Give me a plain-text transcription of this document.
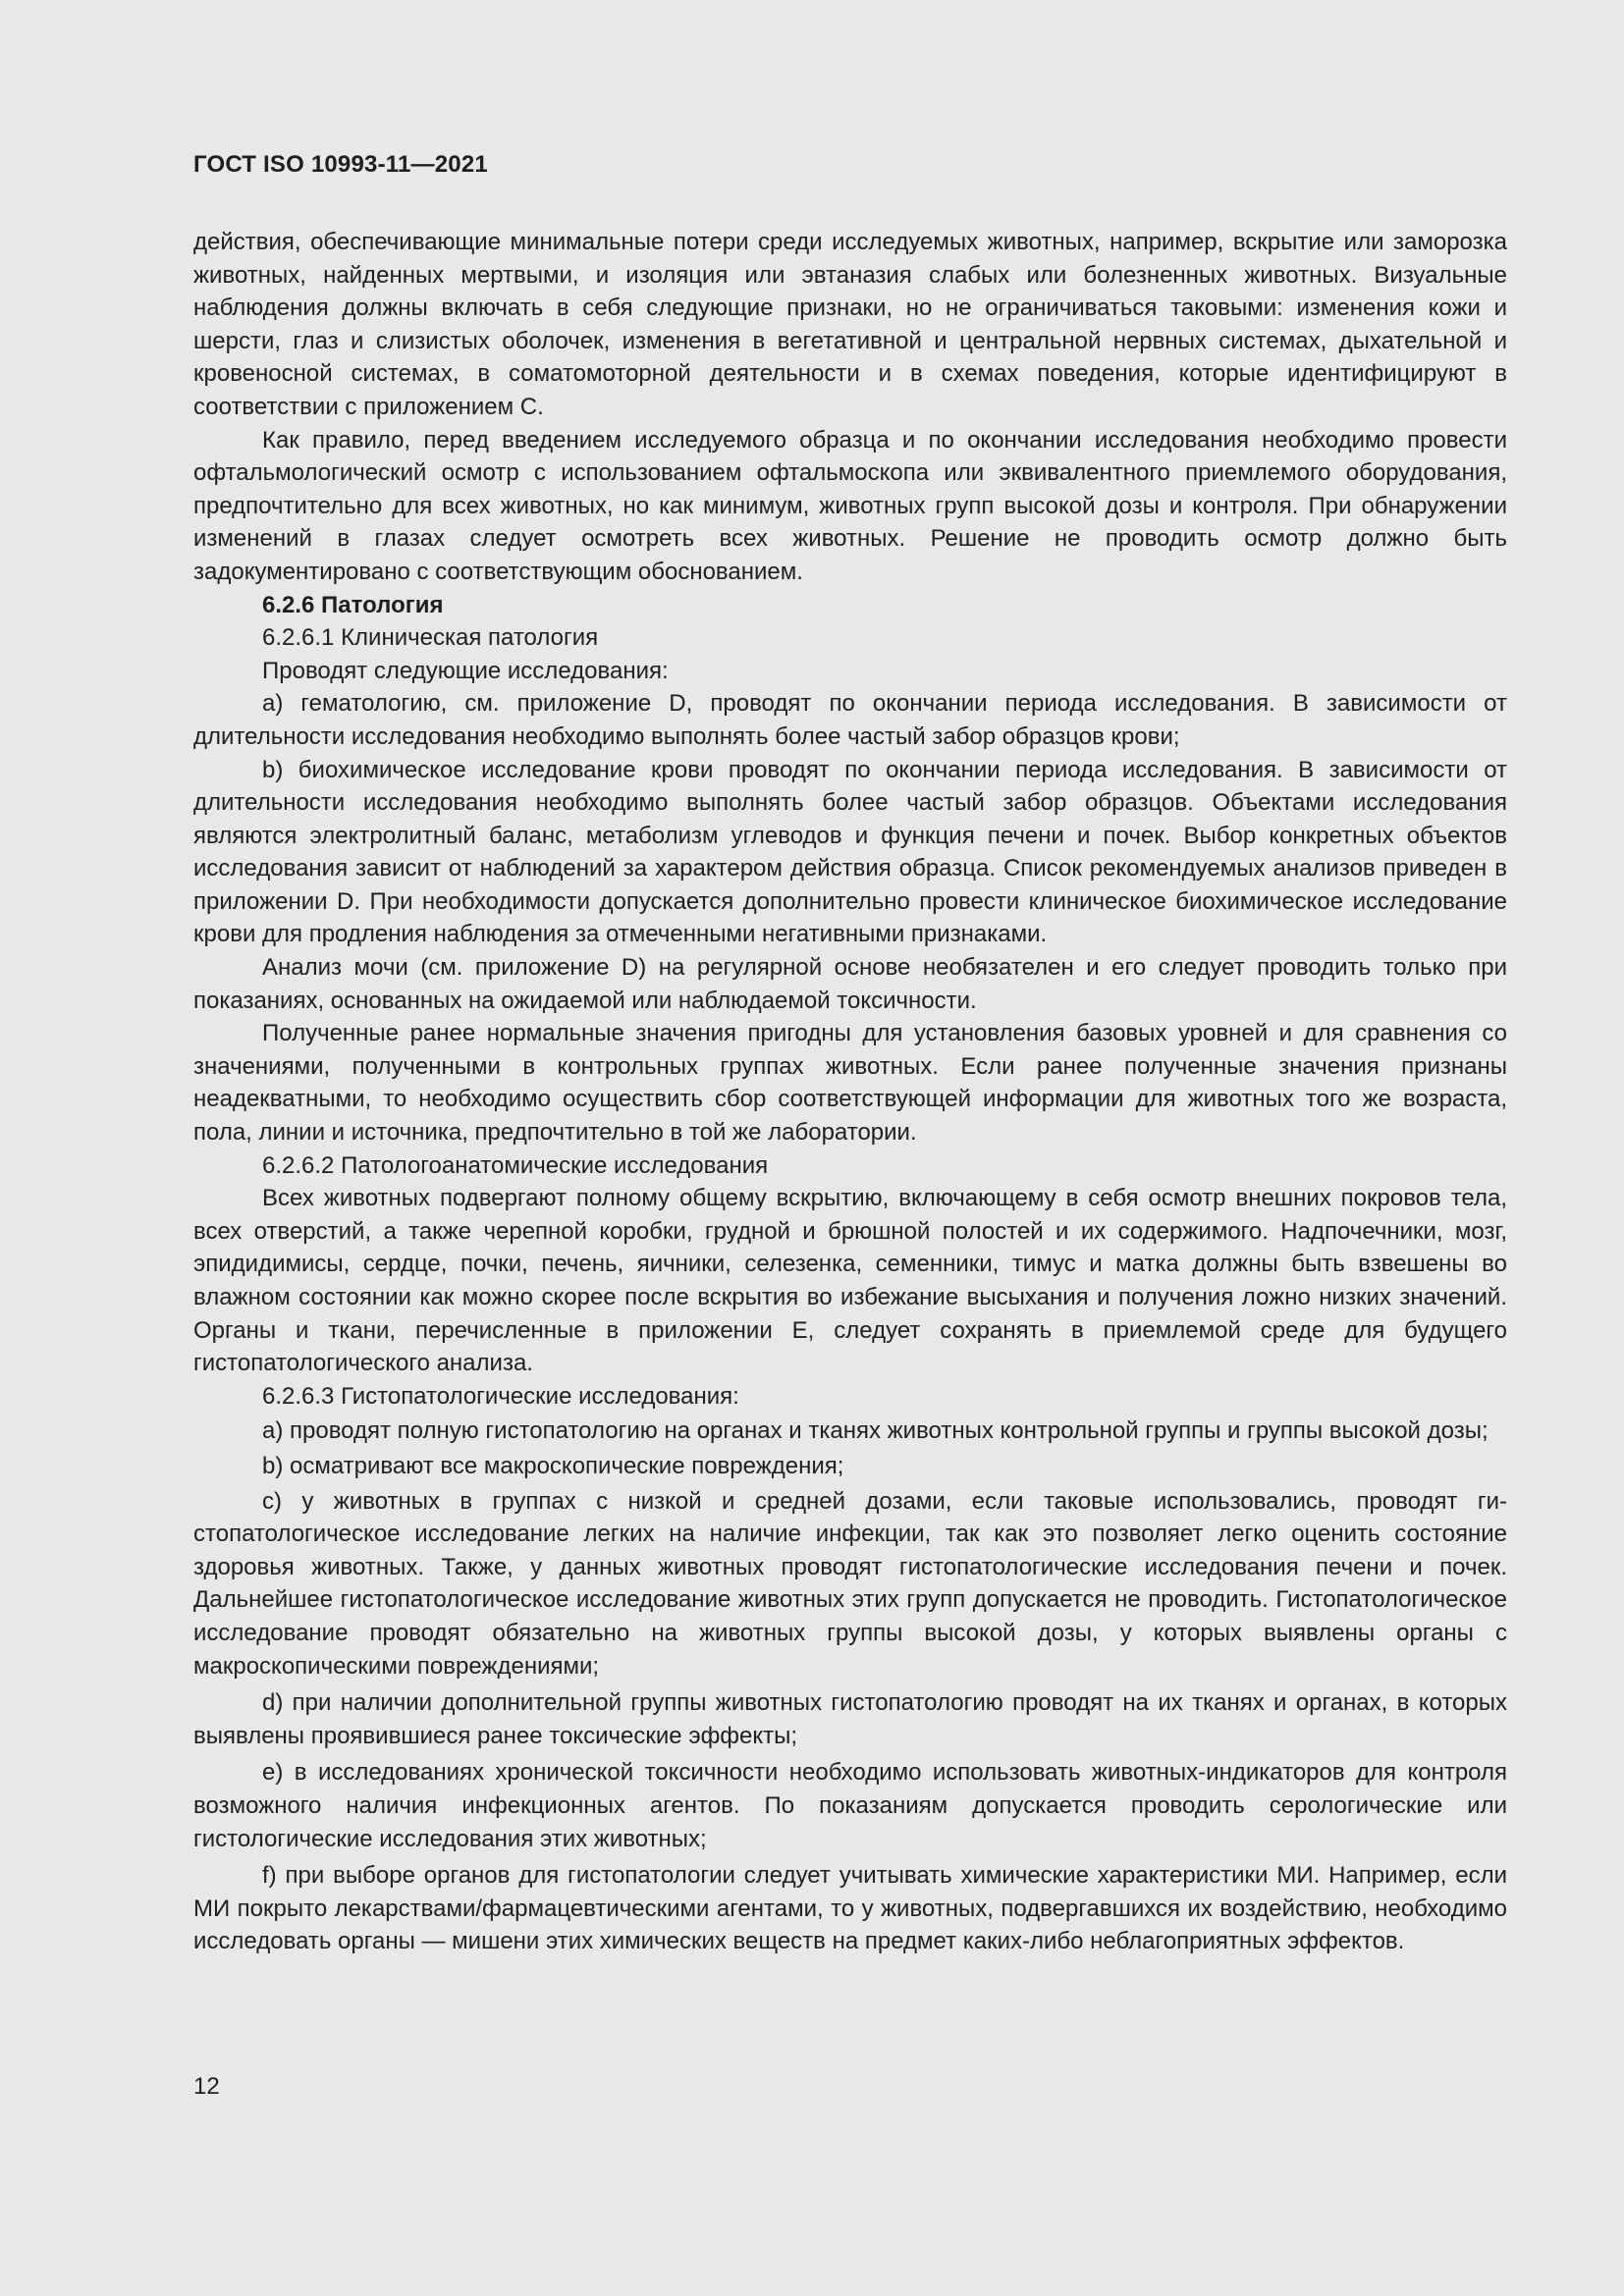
ГОСТ ISO 10993-11—2021

действия, обеспечивающие минимальные потери среди исследуемых животных, например, вскрытие или заморозка животных, найденных мертвыми, и изоляция или эвтаназия слабых или болезненных животных. Визуальные наблюдения должны включать в себя следующие признаки, но не ограничиваться таковыми: изменения кожи и шерсти, глаз и слизистых оболочек, изменения в вегетативной и центральной нервных системах, дыхательной и кровеносной системах, в соматомоторной деятельности и в схемах поведения, которые идентифицируют в соответствии с приложением С.

Как правило, перед введением исследуемого образца и по окончании исследования необходимо провести офтальмологический осмотр с использованием офтальмоскопа или эквивалентного приемлемого оборудования, предпочтительно для всех животных, но как минимум, животных групп высокой дозы и контроля. При обнаружении изменений в глазах следует осмотреть всех животных. Решение не проводить осмотр должно быть задокументировано с соответствующим обоснованием.

6.2.6 Патология

6.2.6.1 Клиническая патология

Проводят следующие исследования:

a) гематологию, см. приложение D, проводят по окончании периода исследования. В зависимости от длительности исследования необходимо выполнять более частый забор образцов крови;

b) биохимическое исследование крови проводят по окончании периода исследования. В зависимости от длительности исследования необходимо выполнять более частый забор образцов. Объектами исследования являются электролитный баланс, метаболизм углеводов и функция печени и почек. Выбор конкретных объектов исследования зависит от наблюдений за характером действия образца. Список рекомендуемых анализов приведен в приложении D. При необходимости допускается дополнительно провести клиническое биохимическое исследование крови для продления наблюдения за отмеченными негативными признаками.

Анализ мочи (см. приложение D) на регулярной основе необязателен и его следует проводить только при показаниях, основанных на ожидаемой или наблюдаемой токсичности.

Полученные ранее нормальные значения пригодны для установления базовых уровней и для сравнения со значениями, полученными в контрольных группах животных. Если ранее полученные значения признаны неадекватными, то необходимо осуществить сбор соответствующей информации для животных того же возраста, пола, линии и источника, предпочтительно в той же лаборатории.

6.2.6.2 Патологоанатомические исследования

Всех животных подвергают полному общему вскрытию, включающему в себя осмотр внешних покровов тела, всех отверстий, а также черепной коробки, грудной и брюшной полостей и их содержимого. Надпочечники, мозг, эпидидимисы, сердце, почки, печень, яичники, селезенка, семенники, тимус и матка должны быть взвешены во влажном состоянии как можно скорее после вскрытия во избежание высыхания и получения ложно низких значений. Органы и ткани, перечисленные в приложении Е, следует сохранять в приемлемой среде для будущего гистопатологического анализа.

6.2.6.3 Гистопатологические исследования:

a) проводят полную гистопатологию на органах и тканях животных контрольной группы и группы высокой дозы;

b) осматривают все макроскопические повреждения;

c) у животных в группах с низкой и средней дозами, если таковые использовались, проводят гистопатологическое исследование легких на наличие инфекции, так как это позволяет легко оценить состояние здоровья животных. Также, у данных животных проводят гистопатологические исследования печени и почек. Дальнейшее гистопатологическое исследование животных этих групп допускается не проводить. Гистопатологическое исследование проводят обязательно на животных группы высокой дозы, у которых выявлены органы с макроскопическими повреждениями;

d) при наличии дополнительной группы животных гистопатологию проводят на их тканях и органах, в которых выявлены проявившиеся ранее токсические эффекты;

e) в исследованиях хронической токсичности необходимо использовать животных-индикаторов для контроля возможного наличия инфекционных агентов. По показаниям допускается проводить серологические или гистологические исследования этих животных;

f) при выборе органов для гистопатологии следует учитывать химические характеристики МИ. Например, если МИ покрыто лекарствами/фармацевтическими агентами, то у животных, подвергавшихся их воздействию, необходимо исследовать органы — мишени этих химических веществ на предмет каких-либо неблагоприятных эффектов.

12
